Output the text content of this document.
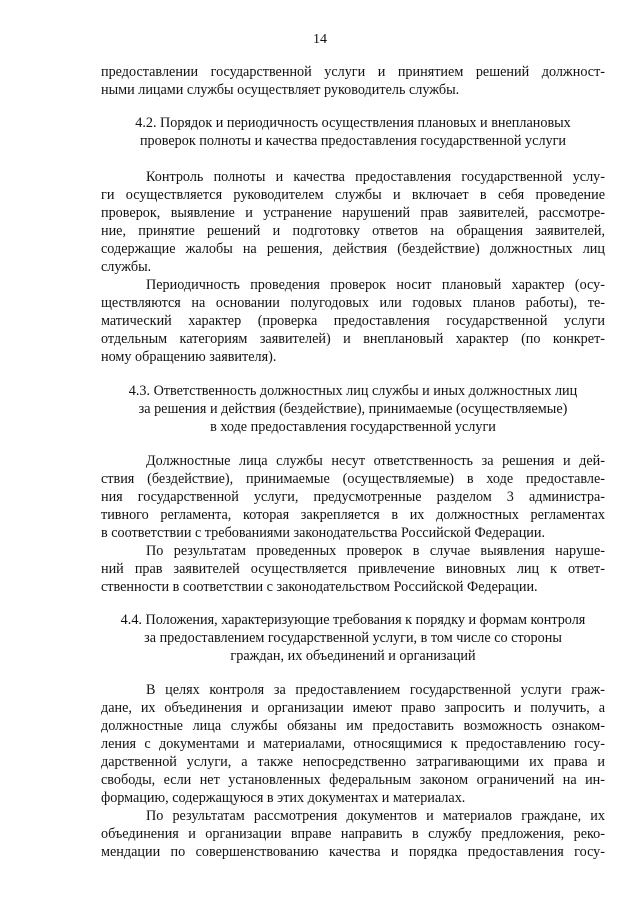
14
предоставлении государственной услуги и принятием решений должност-
ными лицами службы осуществляет руководитель службы.
4.2. Порядок и периодичность осуществления плановых и внеплановых
проверок полноты и качества предоставления государственной услуги
Контроль полноты и качества предоставления государственной услу-
ги осуществляется руководителем службы и включает в себя проведение
проверок, выявление и устранение нарушений прав заявителей, рассмотре-
ние, принятие решений и подготовку ответов на обращения заявителей,
содержащие жалобы на решения, действия (бездействие) должностных лиц
службы.
Периодичность проведения проверок носит плановый характер (осу-
ществляются на основании полугодовых или годовых планов работы), те-
матический характер (проверка предоставления государственной услуги
отдельным категориям заявителей) и внеплановый характер (по конкрет-
ному обращению заявителя).
4.3. Ответственность должностных лиц службы и иных должностных лиц
за решения и действия (бездействие), принимаемые (осуществляемые)
в ходе предоставления государственной услуги
Должностные лица службы несут ответственность за решения и дей-
ствия (бездействие), принимаемые (осуществляемые) в ходе предоставле-
ния государственной услуги, предусмотренные разделом 3 администра-
тивного регламента, которая закрепляется в их должностных регламентах
в соответствии с требованиями законодательства Российской Федерации.
По результатам проведенных проверок в случае выявления наруше-
ний прав заявителей осуществляется привлечение виновных лиц к ответ-
ственности в соответствии с законодательством Российской Федерации.
4.4. Положения, характеризующие требования к порядку и формам контроля
за предоставлением государственной услуги, в том числе со стороны
граждан, их объединений и организаций
В целях контроля за предоставлением государственной услуги граж-
дане, их объединения и организации имеют право запросить и получить, а
должностные лица службы обязаны им предоставить возможность ознаком-
ления с документами и материалами, относящимися к предоставлению госу-
дарственной услуги, а также непосредственно затрагивающими их права и
свободы, если нет установленных федеральным законом ограничений на ин-
формацию, содержащуюся в этих документах и материалах.
По результатам рассмотрения документов и материалов граждане, их
объединения и организации вправе направить в службу предложения, реко-
мендации по совершенствованию качества и порядка предоставления госу-
